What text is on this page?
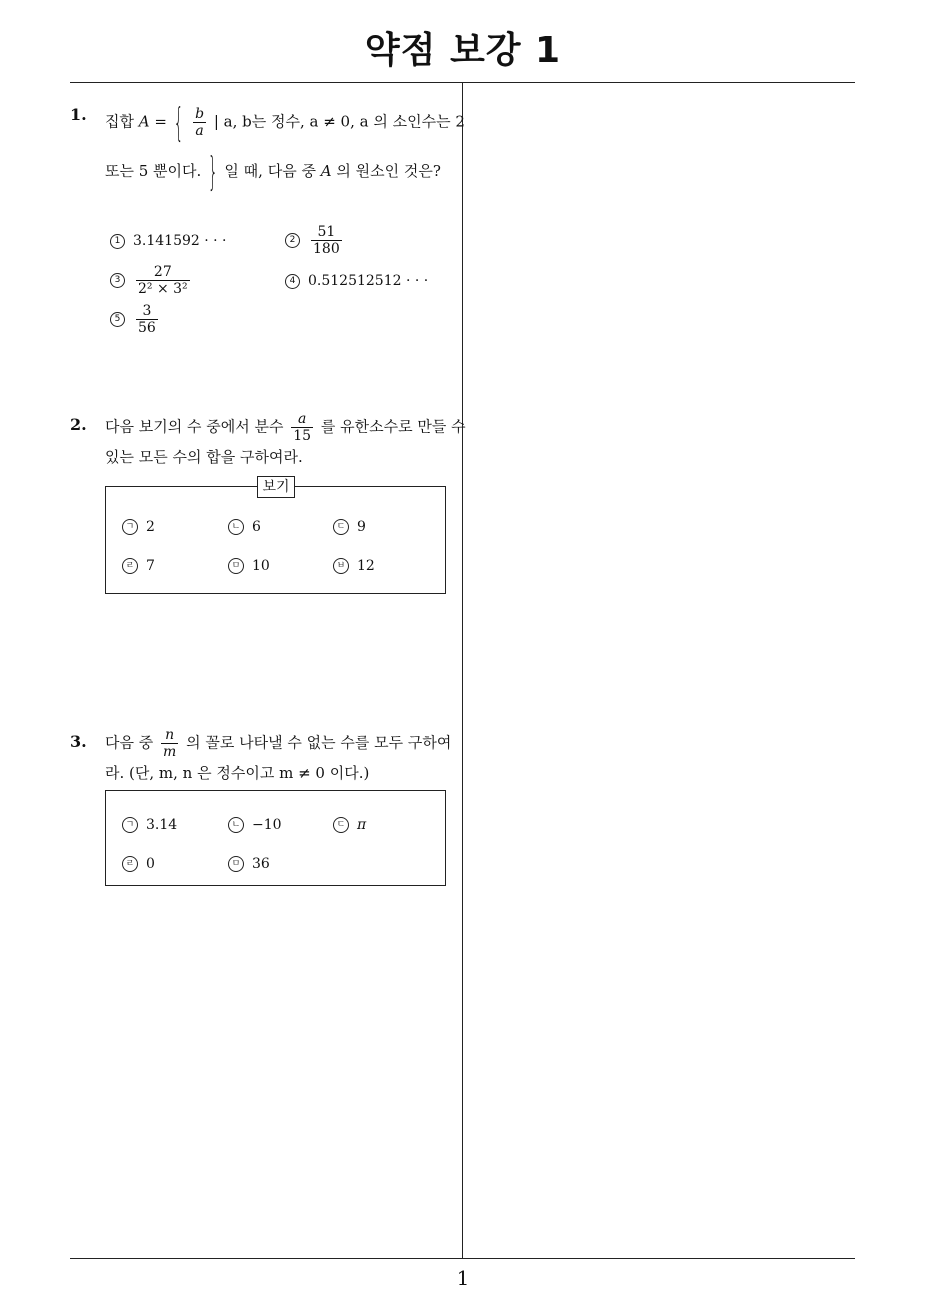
약점 보강 1
1
1. 집합 A = { $\frac{b}{a}$ | a, b는 정수, a ≠ 0, a 의 소인수는 2
또는 5 뿐이다. } 일 때, 다음 중 A 의 원소인 것은?
1 3.141592 · · ·	$2 \frac{51}{180}$
$3 \frac{27}{\text{2² × 3²}}$	4 0.512512512 · · ·
$5 \frac{3}{56}$
2. 다음 보기의 수 중에서 분수 $\frac{a}{15}$ 를 유한소수로 만들 수
있는 모든 수의 합을 구하여라.
보기
ㄱ 2	ㄴ 6	ㄷ 9
ㄹ 7	ㅁ 10	ㅂ 12
3. 다음 중 $\frac{n}{m}$ 의 꼴로 나타낼 수 없는 수를 모두 구하여
라. (단, m, n 은 정수이고 m ≠ 0 이다.)
ㄱ 3.14	ㄴ −10	ㄷ π
ㄹ 0	ㅁ 36
